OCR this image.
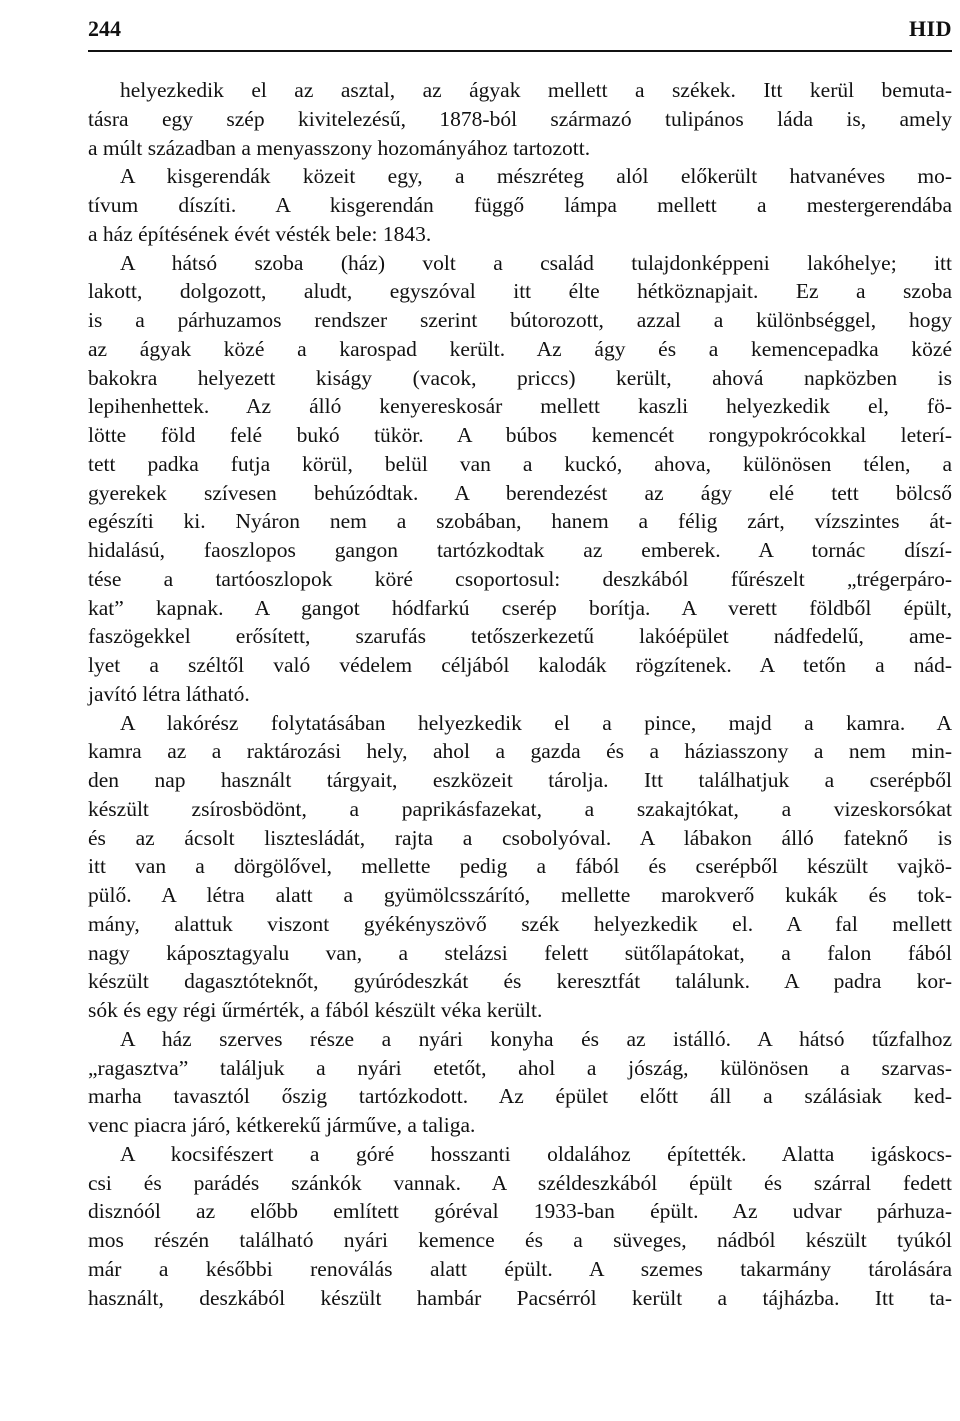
244	HID
helyezkedik el az asztal, az ágyak mellett a székek. Itt kerül bemuta-
tásra egy szép kivitelezésű, 1878-ból származó tulipános láda is, amely
a múlt században a menyasszony hozományához tartozott.
A kisgerendák közeit egy, a mészréteg alól előkerült hatvanéves mo-
tívum díszíti. A kisgerendán függő lámpa mellett a mestergerendába
a ház építésének évét vésték bele: 1843.
A hátsó szoba (ház) volt a család tulajdonképpeni lakóhelye; itt
lakott, dolgozott, aludt, egyszóval itt élte hétköznapjait. Ez a szoba
is a párhuzamos rendszer szerint bútorozott, azzal a különbséggel, hogy
az ágyak közé a karospad került. Az ágy és a kemencepadka közé
bakokra helyezett kiságy (vacok, priccs) került, ahová napközben is
lepihenhettek. Az álló kenyereskosár mellett kaszli helyezkedik el, fö-
lötte föld felé bukó tükör. A búbos kemencét rongypokrócokkal leterí-
tett padka futja körül, belül van a kuckó, ahova, különösen télen, a
gyerekek szívesen behúzódtak. A berendezést az ágy elé tett bölcső
egészíti ki. Nyáron nem a szobában, hanem a félig zárt, vízszintes át-
hidalású, faoszlopos gangon tartózkodtak az emberek. A tornác díszí-
tése a tartóoszlopok köré csoportosul: deszkából fűrészelt „trégerpáro-
kat” kapnak. A gangot hódfarkú cserép borítja. A verett földből épült,
faszögekkel erősített, szarufás tetőszerkezetű lakóépület nádfedelű, ame-
lyet a széltől való védelem céljából kalodák rögzítenek. A tetőn a nád-
javító létra látható.
A lakórész folytatásában helyezkedik el a pince, majd a kamra. A
kamra az a raktározási hely, ahol a gazda és a háziasszony a nem min-
den nap használt tárgyait, eszközeit tárolja. Itt találhatjuk a cserépből
készült zsírosbödönt, a paprikásfazekat, a szakajtókat, a vizeskorsókat
és az ácsolt lisztesládát, rajta a csobolyóval. A lábakon álló fateknő is
itt van a dörgölővel, mellette pedig a fából és cserépből készült vajkö-
pülő. A létra alatt a gyümölcsszárító, mellette marokverő kukák és tok-
mány, alattuk viszont gyékényszövő szék helyezkedik el. A fal mellett
nagy káposztagyalu van, a stelázsi felett sütőlapátokat, a falon fából
készült dagasztóteknőt, gyúródeszkát és keresztfát találunk. A padra kor-
sók és egy régi űrmérték, a fából készült véka került.
A ház szerves része a nyári konyha és az istálló. A hátsó tűzfalhoz
„ragasztva” találjuk a nyári etetőt, ahol a jószág, különösen a szarvas-
marha tavasztól őszig tartózkodott. Az épület előtt áll a szálásiak ked-
venc piacra járó, kétkerekű járműve, a taliga.
A kocsifészert a góré hosszanti oldalához építették. Alatta igáskocs-
csi és parádés szánkók vannak. A széldeszkából épült és szárral fedett
disznóól az előbb említett góréval 1933-ban épült. Az udvar párhuza-
mos részén található nyári kemence és a süveges, nádból készült tyúkól
már a későbbi renoválás alatt épült. A szemes takarmány tárolására
használt, deszkából készült hambár Pacsérról került a tájházba. Itt ta-
